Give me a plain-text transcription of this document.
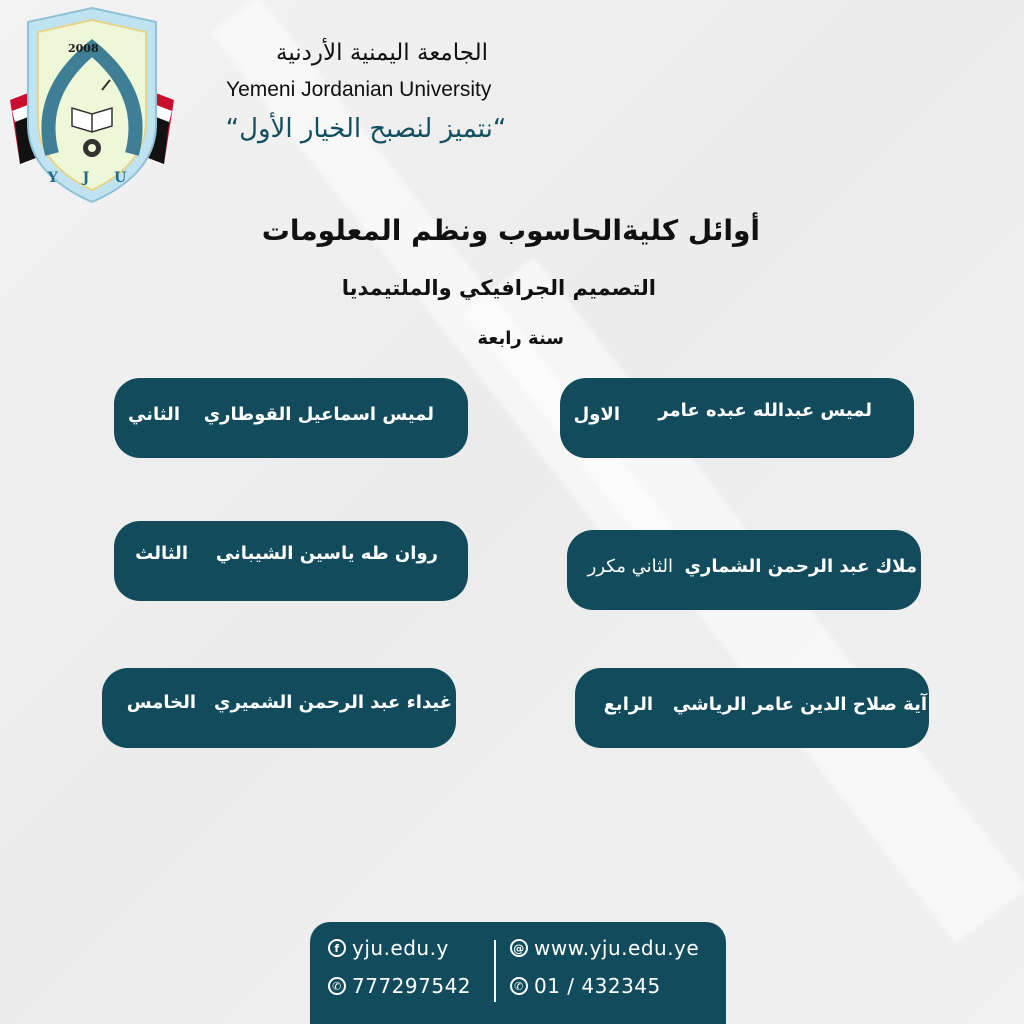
2008
Y J U
الجامعة اليمنية الأردنية
Yemeni Jordanian University
“نتميز لنصبح الخيار الأول“
أوائل كليةالحاسوب ونظم المعلومات
التصميم الجرافيكي والملتيمديا
سنة رابعة
لميس عبدالله عبده عامر
الاول
لميس اسماعيل القوطاري
الثاني
ملاك عبد الرحمن الشماري
الثاني مكرر
روان طه ياسين الشيباني
الثالث
آية صلاح الدين عامر الرياشي
الرابع
غيداء عبد الرحمن الشميري
الخامس
f yju.edu.y	@ www.yju.edu.ye
✆ 777297542	✆ 01 / 432345
